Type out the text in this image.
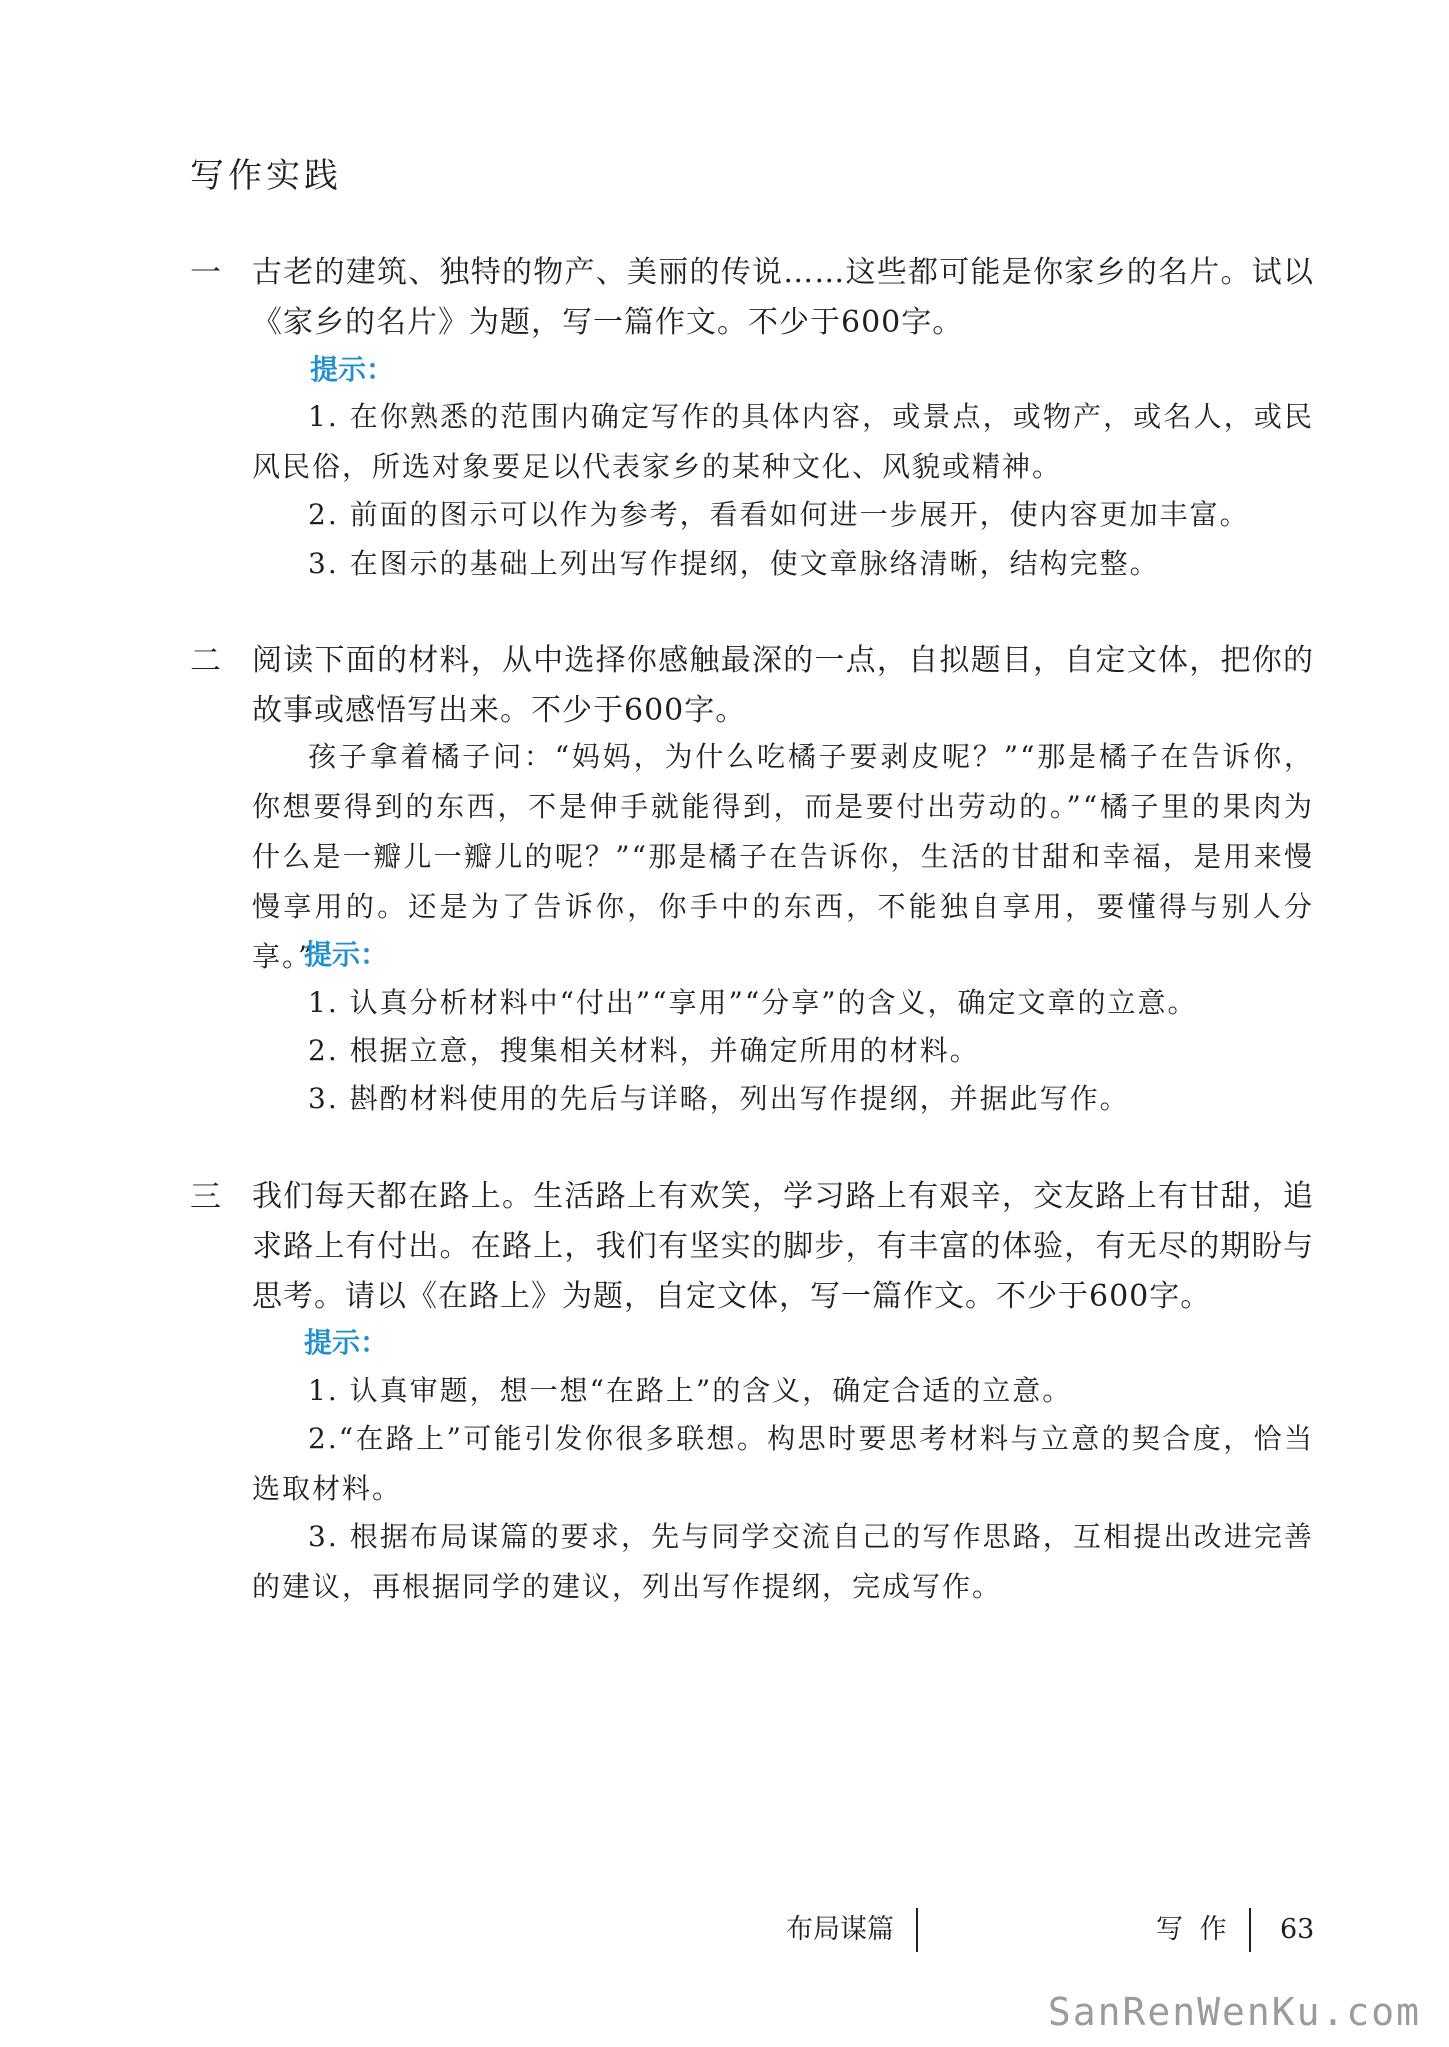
写作实践
一 古老的建筑、独特的物产、美丽的传说……这些都可能是你家乡的名片。试以《家乡的名片》为题，写一篇作文。不少于600字。
提示：
1. 在你熟悉的范围内确定写作的具体内容，或景点，或物产，或名人，或民风民俗，所选对象要足以代表家乡的某种文化、风貌或精神。
2. 前面的图示可以作为参考，看看如何进一步展开，使内容更加丰富。
3. 在图示的基础上列出写作提纲，使文章脉络清晰，结构完整。
二 阅读下面的材料，从中选择你感触最深的一点，自拟题目，自定文体，把你的故事或感悟写出来。不少于600字。
孩子拿着橘子问：“妈妈，为什么吃橘子要剥皮呢？”“那是橘子在告诉你，你想要得到的东西，不是伸手就能得到，而是要付出劳动的。”“橘子里的果肉为什么是一瓣儿一瓣儿的呢？”“那是橘子在告诉你，生活的甘甜和幸福，是用来慢慢享用的。还是为了告诉你，你手中的东西，不能独自享用，要懂得与别人分享。”
提示：
1. 认真分析材料中“付出”“享用”“分享”的含义，确定文章的立意。
2. 根据立意，搜集相关材料，并确定所用的材料。
3. 斟酌材料使用的先后与详略，列出写作提纲，并据此写作。
三 我们每天都在路上。生活路上有欢笑，学习路上有艰辛，交友路上有甘甜，追求路上有付出。在路上，我们有坚实的脚步，有丰富的体验，有无尽的期盼与思考。请以《在路上》为题，自定文体，写一篇作文。不少于600字。
提示：
1. 认真审题，想一想“在路上”的含义，确定合适的立意。
2.“在路上”可能引发你很多联想。构思时要思考材料与立意的契合度，恰当选取材料。
3. 根据布局谋篇的要求，先与同学交流自己的写作思路，互相提出改进完善的建议，再根据同学的建议，列出写作提纲，完成写作。
布局谋篇	写 作 63
SanRenWenKu.com
